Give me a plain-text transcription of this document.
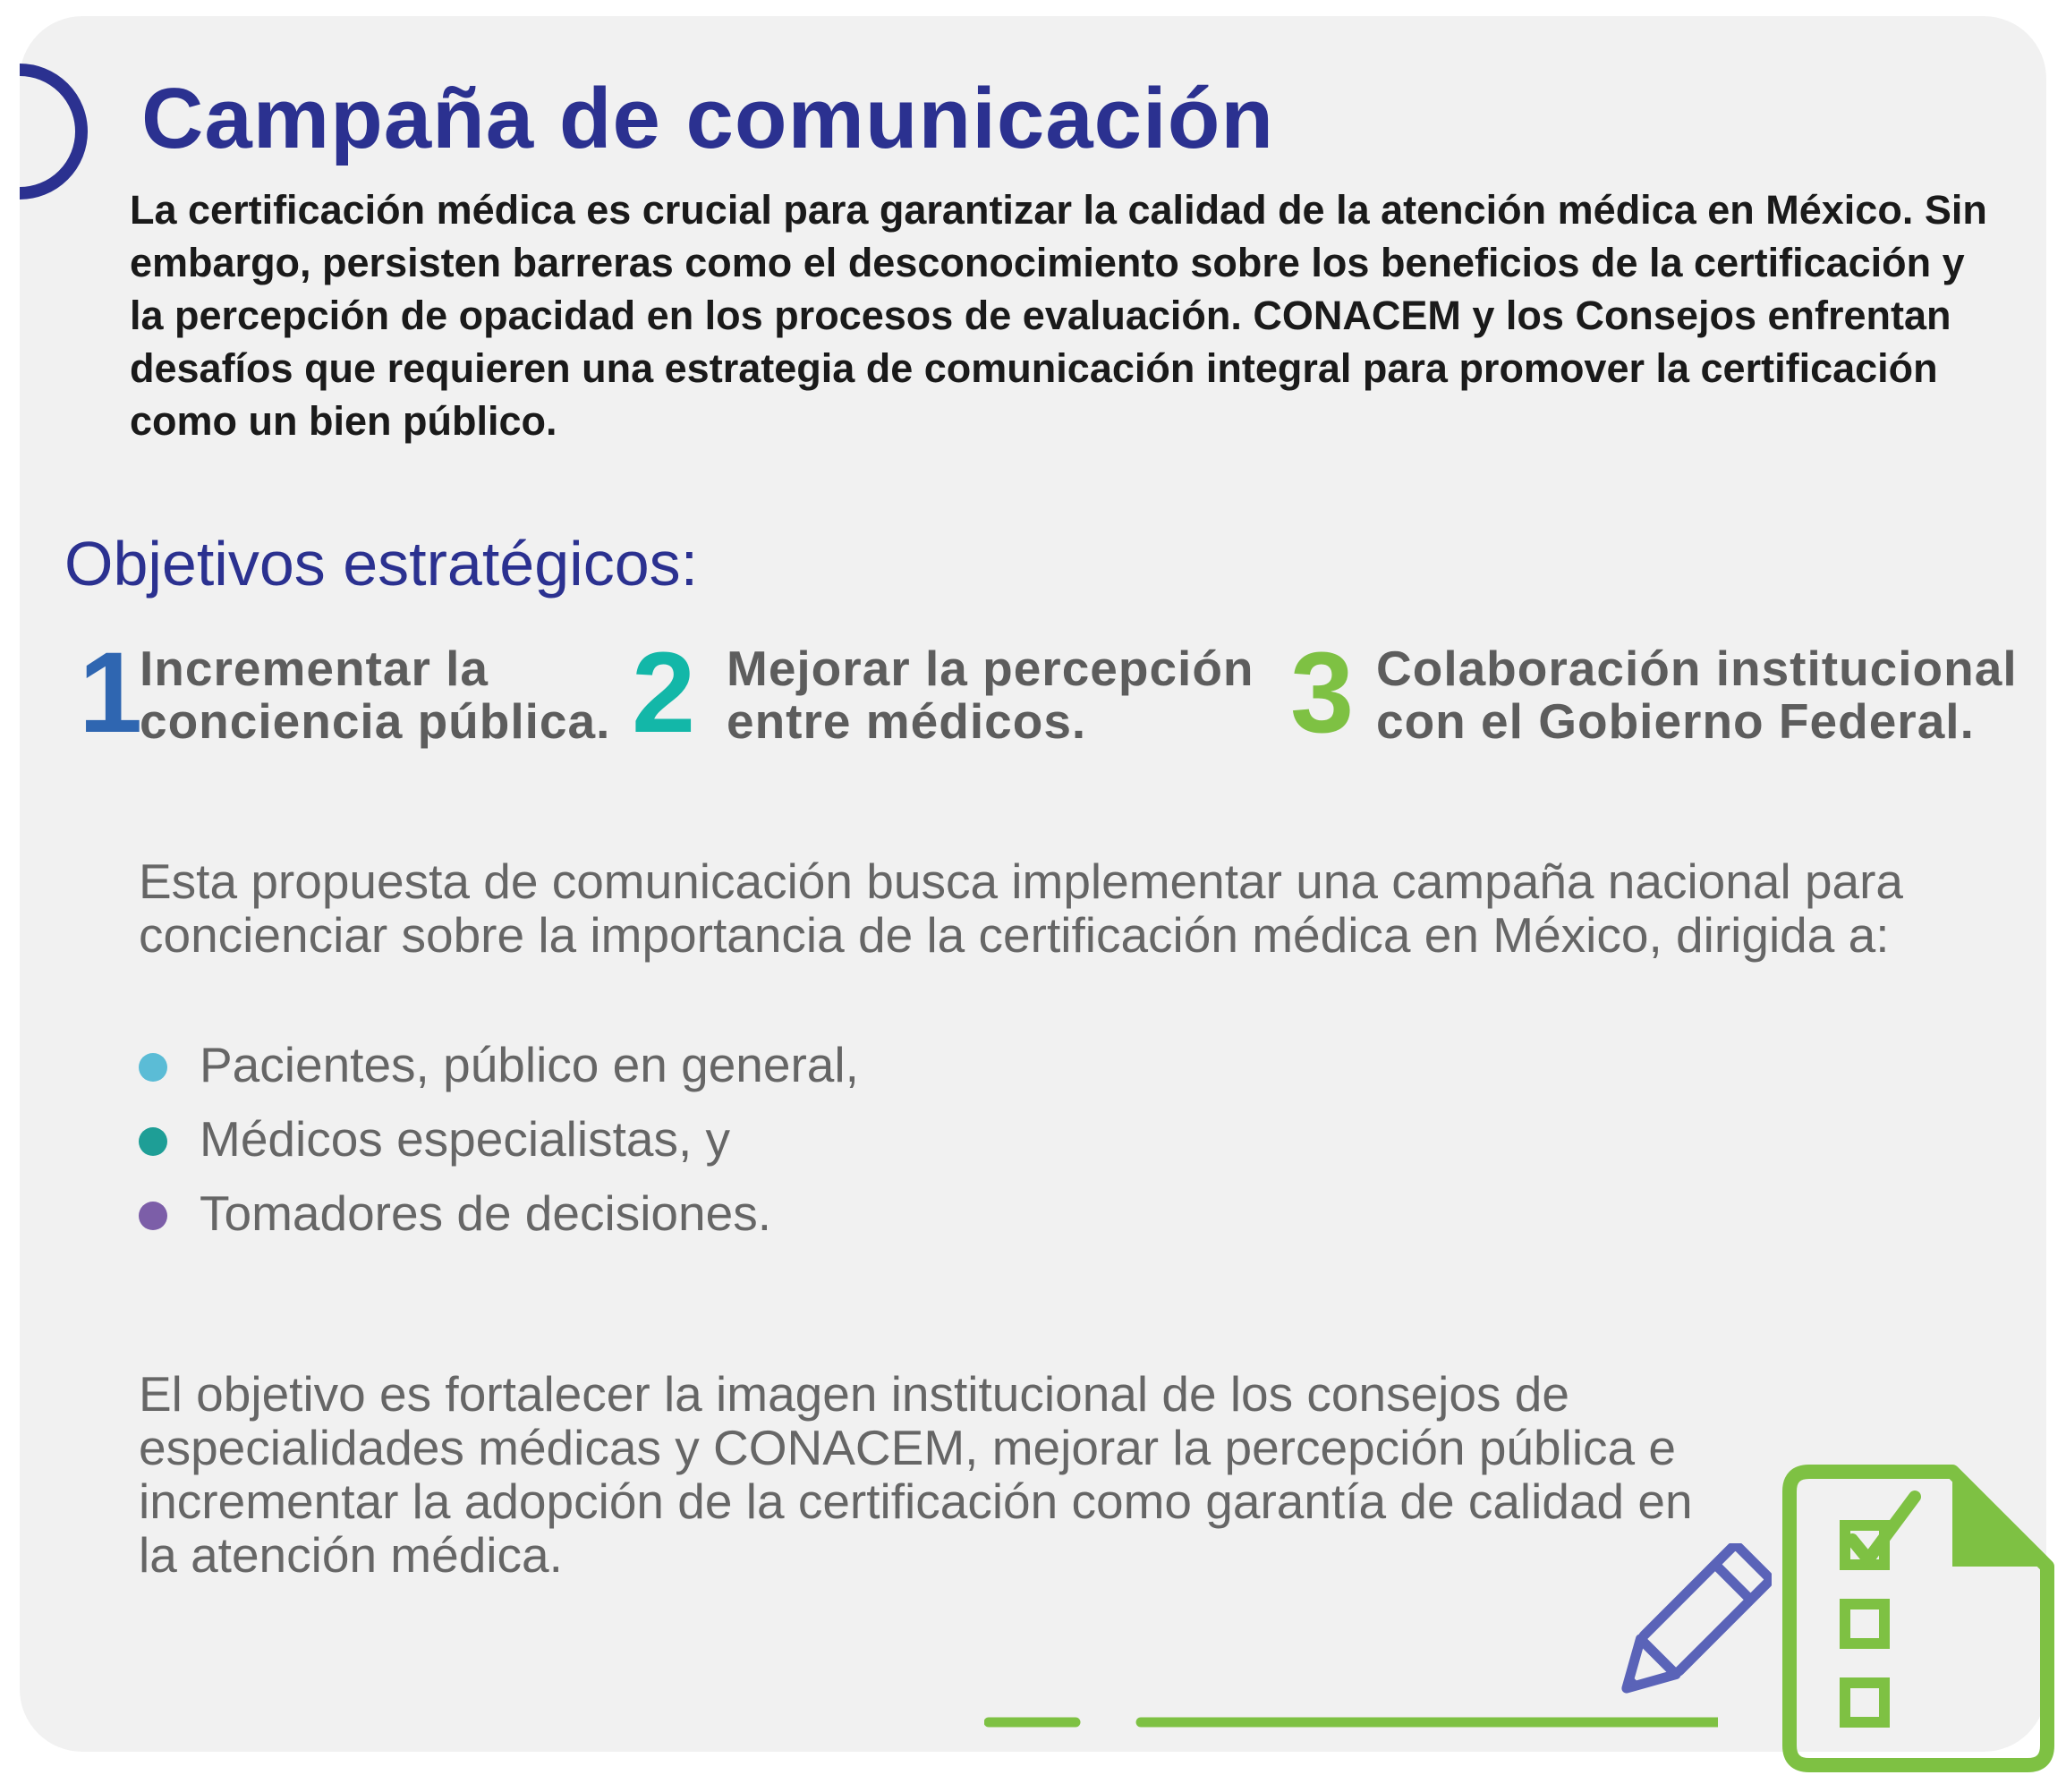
Campaña de comunicación

La certificación médica es crucial para garantizar la calidad de la atención médica en México. Sin embargo, persisten barreras como el desconocimiento sobre los beneficios de la certificación y la percepción de opacidad en los procesos de evaluación. CONACEM y los Consejos enfrentan desafíos que requieren una estrategia de comunicación integral para promover la certificación como un bien público.

Objetivos estratégicos:
1
Incrementar la
conciencia pública. 2 Mejorar la percepción
entre médicos.	3 Colaboración institucional
con el Gobierno Federal.

Esta propuesta de comunicación busca implementar una campaña nacional para concienciar sobre la importancia de la certificación médica en México, dirigida a:

Pacientes, público en general,
Médicos especialistas, y
Tomadores de decisiones.

El objetivo es fortalecer la imagen institucional de los consejos de especialidades médicas y CONACEM, mejorar la percepción pública e incrementar la adopción de la certificación como garantía de calidad en la atención médica.
